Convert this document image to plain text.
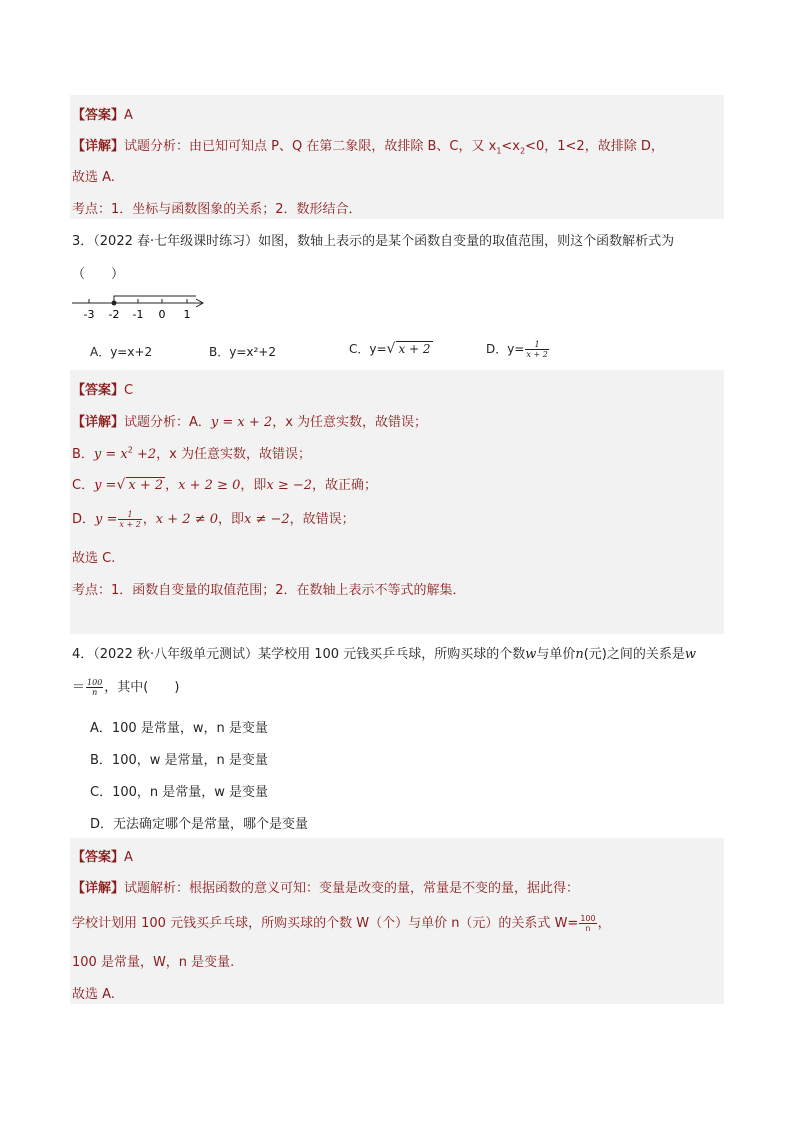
【答案】A
【详解】试题分析：由已知可知点 P、Q 在第二象限，故排除 B、C，又 $x_1<x_2<0$，1<2，故排除 D，
故选 A.
考点：1．坐标与函数图象的关系；2．数形结合．
3．（2022 春·七年级课时练习）如图，数轴上表示的是某个函数自变量的取值范围，则这个函数解析式为
（　　）
-3 -2 -1 0 1
A．y=x+2	B．y=x²+2	C．y=√ x + 2	D．$y= \frac{1}{x + 2}$
【答案】C
【详解】试题分析：A．y = x + 2，x 为任意实数，故错误；
B．$y = x^2 +2$，x 为任意实数，故错误；
C．y =√ x + 2 ，x + 2 ≥ 0，即x ≥ −2，故正确；
D．$y = \frac{1}{x + 2}$ ，x + 2 ≠ 0，即x ≠ −2，故错误；
故选 C.
考点：1．函数自变量的取值范围；2．在数轴上表示不等式的解集．
4．（2022 秋·八年级单元测试）某学校用 100 元钱买乒乓球，所购买球的个数w与单价n(元)之间的关系是w
＝ $\frac{100}{n}$ ，其中(　　)
A．100 是常量，w，n 是变量
B．100，w 是常量，n 是变量
C．100，n 是常量，w 是变量
D．无法确定哪个是常量，哪个是变量
【答案】A
【详解】试题解析：根据函数的意义可知：变量是改变的量，常量是不变的量，据此得：
学校计划用 100 元钱买乒乓球，所购买球的个数 W（个）与单价 n（元）的关系式 $W= \frac{100}{n}$ ，
100 是常量，W，n 是变量.
故选 A.
